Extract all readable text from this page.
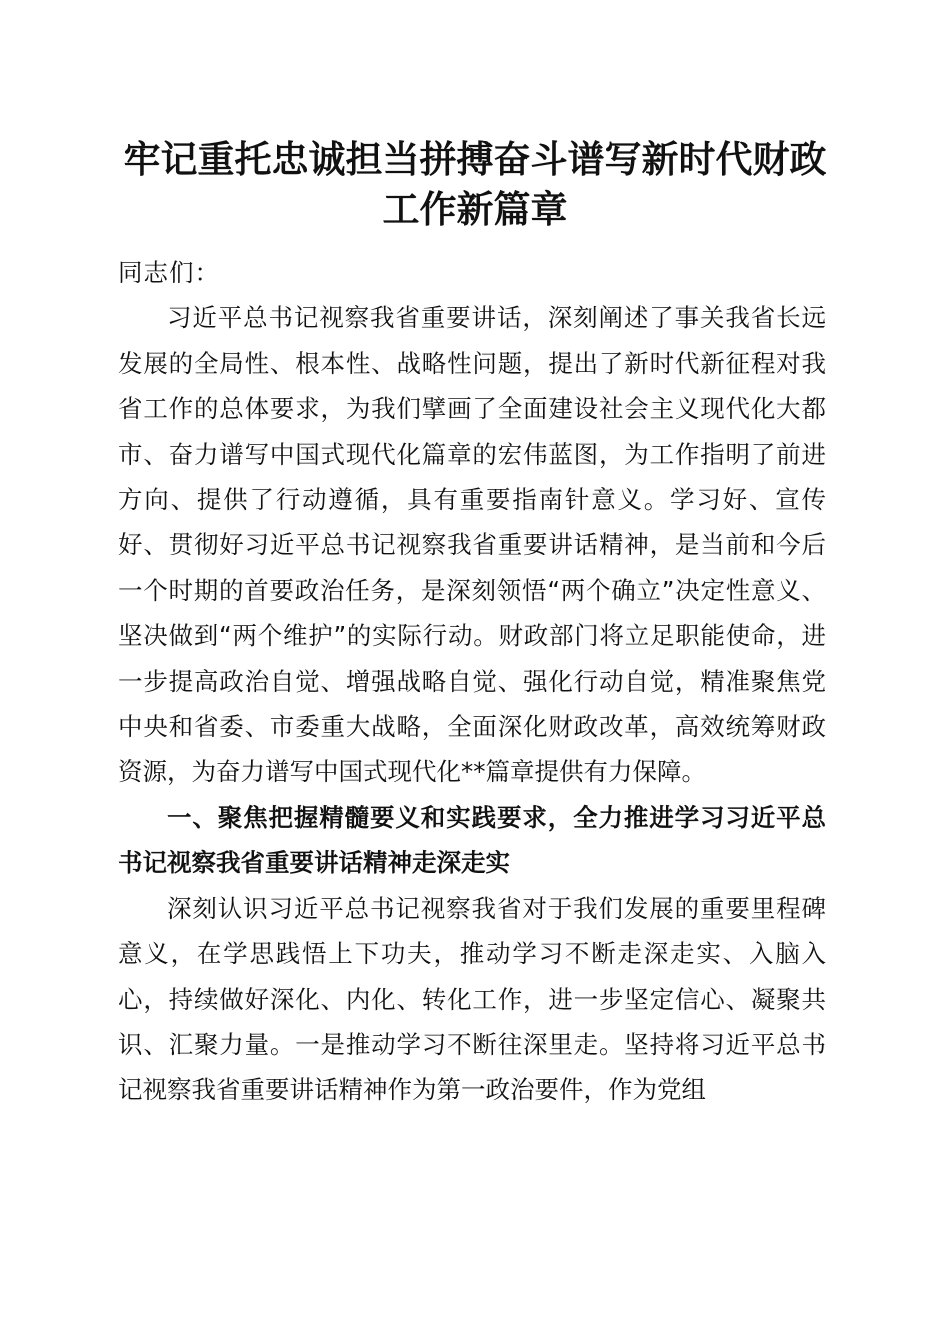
牢记重托忠诚担当拼搏奋斗谱写新时代财政工作新篇章

同志们：

习近平总书记视察我省重要讲话，深刻阐述了事关我省长远发展的全局性、根本性、战略性问题，提出了新时代新征程对我省工作的总体要求，为我们擘画了全面建设社会主义现代化大都市、奋力谱写中国式现代化篇章的宏伟蓝图，为工作指明了前进方向、提供了行动遵循，具有重要指南针意义。学习好、宣传好、贯彻好习近平总书记视察我省重要讲话精神，是当前和今后一个时期的首要政治任务，是深刻领悟“两个确立”决定性意义、坚决做到“两个维护”的实际行动。财政部门将立足职能使命，进一步提高政治自觉、增强战略自觉、强化行动自觉，精准聚焦党中央和省委、市委重大战略，全面深化财政改革，高效统筹财政资源，为奋力谱写中国式现代化**篇章提供有力保障。

一、聚焦把握精髓要义和实践要求，全力推进学习习近平总书记视察我省重要讲话精神走深走实

深刻认识习近平总书记视察我省对于我们发展的重要里程碑意义，在学思践悟上下功夫，推动学习不断走深走实、入脑入心，持续做好深化、内化、转化工作，进一步坚定信心、凝聚共识、汇聚力量。一是推动学习不断往深里走。坚持将习近平总书记视察我省重要讲话精神作为第一政治要件，作为党组
